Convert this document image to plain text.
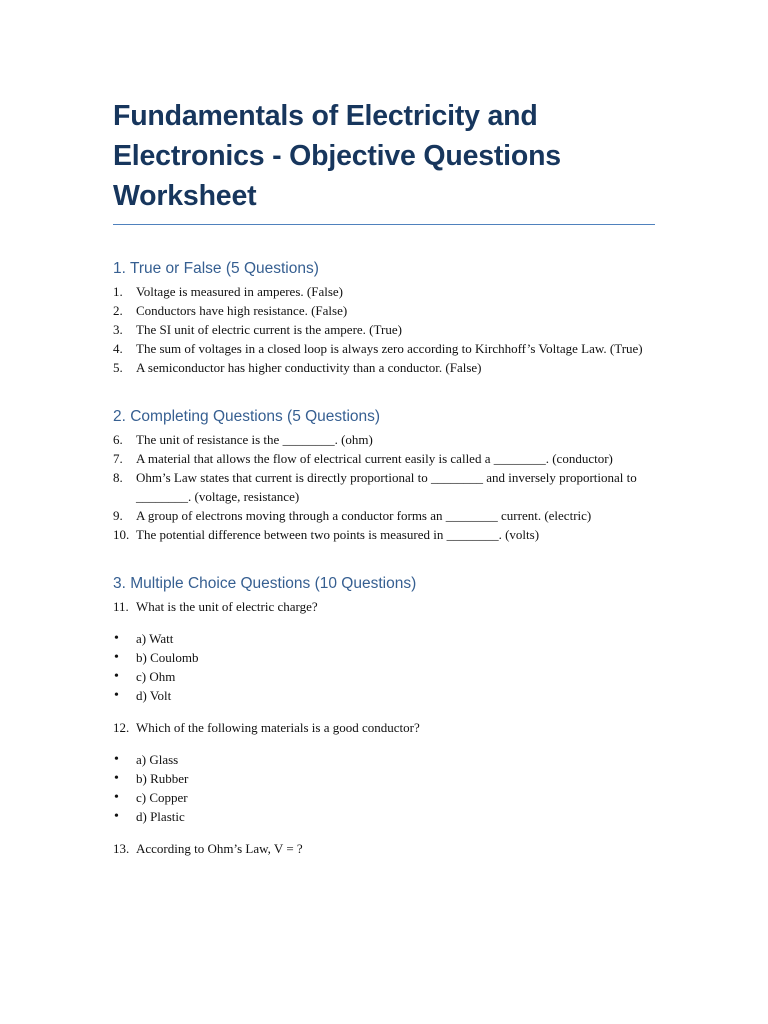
Fundamentals of Electricity and Electronics - Objective Questions Worksheet
1. True or False (5 Questions)
1. Voltage is measured in amperes. (False)
2. Conductors have high resistance. (False)
3. The SI unit of electric current is the ampere. (True)
4. The sum of voltages in a closed loop is always zero according to Kirchhoff’s Voltage Law. (True)
5. A semiconductor has higher conductivity than a conductor. (False)
2. Completing Questions (5 Questions)
6. The unit of resistance is the ________. (ohm)
7. A material that allows the flow of electrical current easily is called a ________. (conductor)
8. Ohm’s Law states that current is directly proportional to ________ and inversely proportional to ________. (voltage, resistance)
9. A group of electrons moving through a conductor forms an ________ current. (electric)
10. The potential difference between two points is measured in ________. (volts)
3. Multiple Choice Questions (10 Questions)
11. What is the unit of electric charge?
• a) Watt
• b) Coulomb
• c) Ohm
• d) Volt
12. Which of the following materials is a good conductor?
• a) Glass
• b) Rubber
• c) Copper
• d) Plastic
13. According to Ohm’s Law, V = ?
